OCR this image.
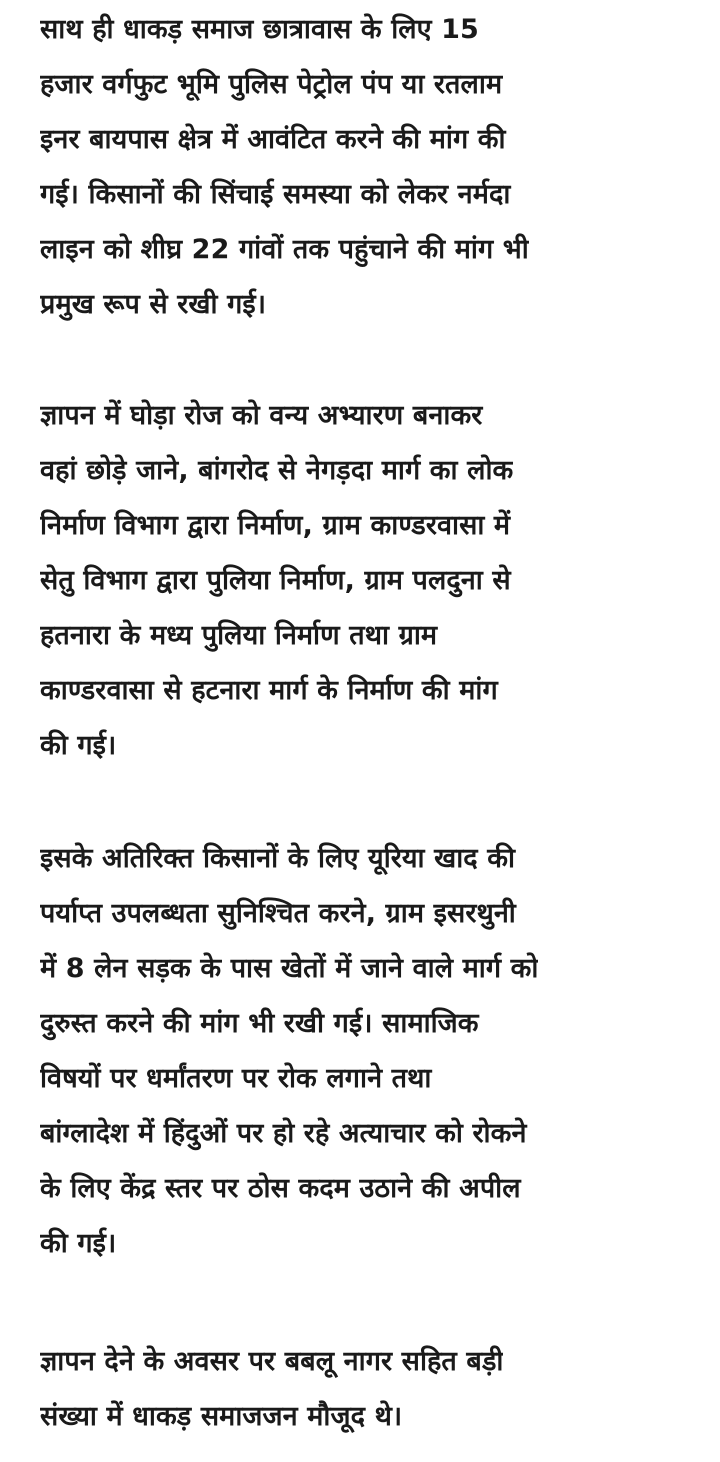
साथ ही धाकड़ समाज छात्रावास के लिए 15
हजार वर्गफुट भूमि पुलिस पेट्रोल पंप या रतलाम
इनर बायपास क्षेत्र में आवंटित करने की मांग की
गई। किसानों की सिंचाई समस्या को लेकर नर्मदा
लाइन को शीघ्र 22 गांवों तक पहुंचाने की मांग भी
प्रमुख रूप से रखी गई।

ज्ञापन में घोड़ा रोज को वन्य अभ्यारण बनाकर
वहां छोड़े जाने, बांगरोद से नेगड़दा मार्ग का लोक
निर्माण विभाग द्वारा निर्माण, ग्राम काण्डरवासा में
सेतु विभाग द्वारा पुलिया निर्माण, ग्राम पलदुना से
हतनारा के मध्य पुलिया निर्माण तथा ग्राम
काण्डरवासा से हटनारा मार्ग के निर्माण की मांग
की गई।

इसके अतिरिक्त किसानों के लिए यूरिया खाद की
पर्याप्त उपलब्धता सुनिश्चित करने, ग्राम इसरथुनी
में 8 लेन सड़क के पास खेतों में जाने वाले मार्ग को
दुरुस्त करने की मांग भी रखी गई। सामाजिक
विषयों पर धर्मांतरण पर रोक लगाने तथा
बांग्लादेश में हिंदुओं पर हो रहे अत्याचार को रोकने
के लिए केंद्र स्तर पर ठोस कदम उठाने की अपील
की गई।

ज्ञापन देने के अवसर पर बबलू नागर सहित बड़ी
संख्या में धाकड़ समाजजन मौजूद थे।
